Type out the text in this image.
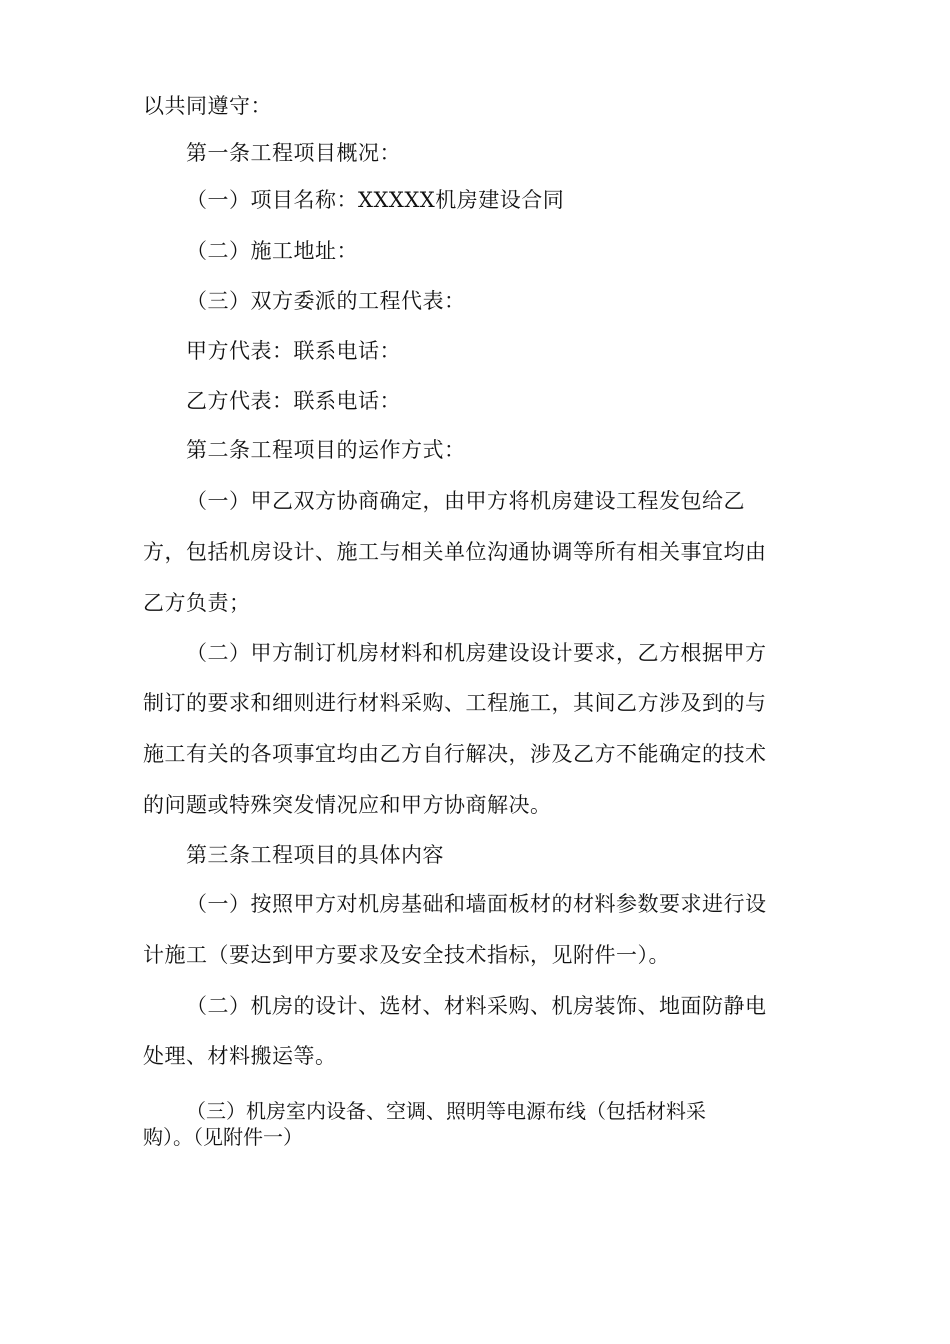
以共同遵守：
第一条工程项目概况：
（一）项目名称：XXXXX机房建设合同
（二）施工地址：
（三）双方委派的工程代表：
甲方代表：联系电话：
乙方代表：联系电话：
第二条工程项目的运作方式：
（一）甲乙双方协商确定，由甲方将机房建设工程发包给乙
方，包括机房设计、施工与相关单位沟通协调等所有相关事宜均由
乙方负责；
（二）甲方制订机房材料和机房建设设计要求，乙方根据甲方
制订的要求和细则进行材料采购、工程施工，其间乙方涉及到的与
施工有关的各项事宜均由乙方自行解决，涉及乙方不能确定的技术
的问题或特殊突发情况应和甲方协商解决。
第三条工程项目的具体内容
（一）按照甲方对机房基础和墙面板材的材料参数要求进行设
计施工（要达到甲方要求及安全技术指标，见附件一）。
（二）机房的设计、选材、材料采购、机房装饰、地面防静电
处理、材料搬运等。
（三）机房室内设备、空调、照明等电源布线（包括材料采
购）。（见附件一）
